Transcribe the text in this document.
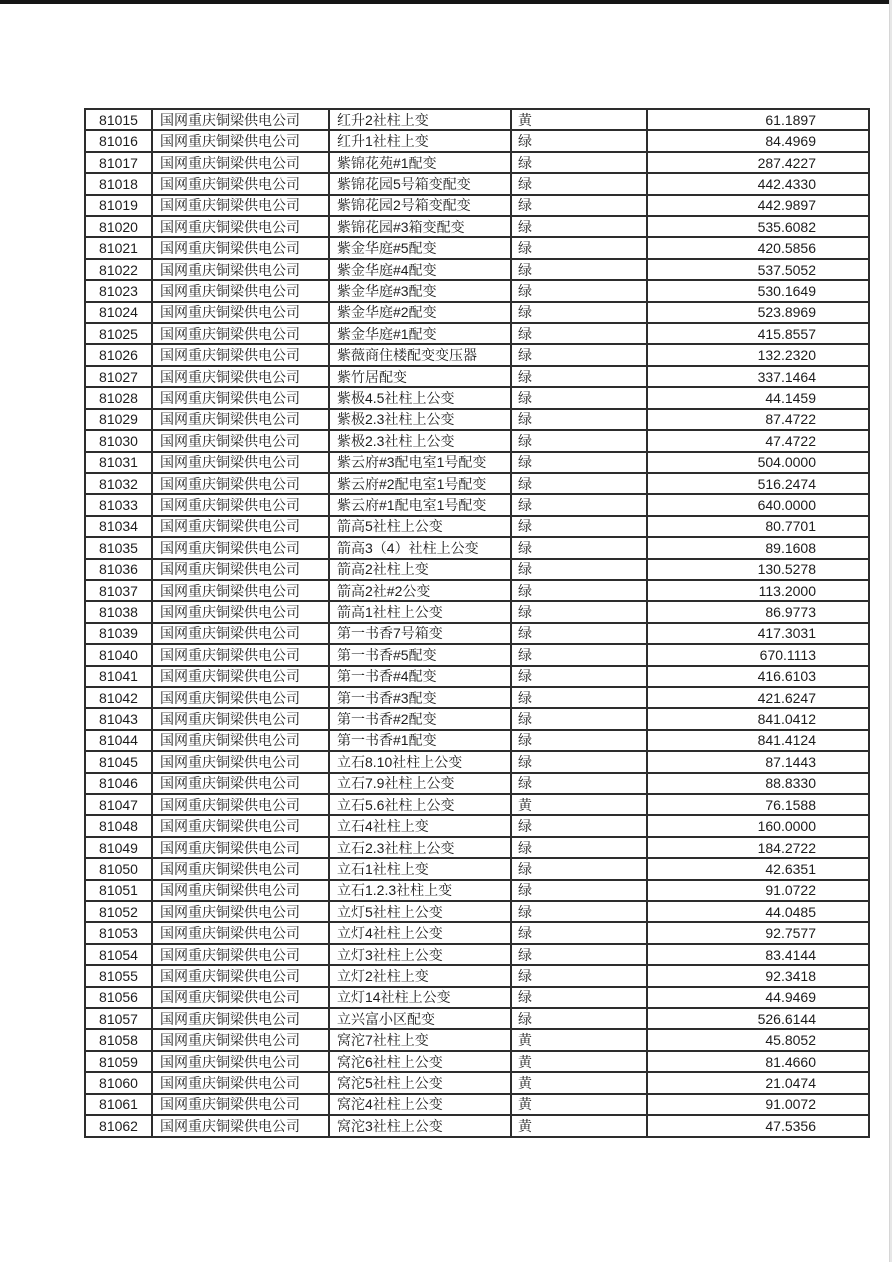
81015	国网重庆铜梁供电公司	红升2社柱上变	黄	61.1897
81016	国网重庆铜梁供电公司	红升1社柱上变	绿	84.4969
81017	国网重庆铜梁供电公司	紫锦花苑#1配变	绿	287.4227
81018	国网重庆铜梁供电公司	紫锦花园5号箱变配变	绿	442.4330
81019	国网重庆铜梁供电公司	紫锦花园2号箱变配变	绿	442.9897
81020	国网重庆铜梁供电公司	紫锦花园#3箱变配变	绿	535.6082
81021	国网重庆铜梁供电公司	紫金华庭#5配变	绿	420.5856
81022	国网重庆铜梁供电公司	紫金华庭#4配变	绿	537.5052
81023	国网重庆铜梁供电公司	紫金华庭#3配变	绿	530.1649
81024	国网重庆铜梁供电公司	紫金华庭#2配变	绿	523.8969
81025	国网重庆铜梁供电公司	紫金华庭#1配变	绿	415.8557
81026	国网重庆铜梁供电公司	紫薇商住楼配变变压器	绿	132.2320
81027	国网重庆铜梁供电公司	紫竹居配变	绿	337.1464
81028	国网重庆铜梁供电公司	紫极4.5社柱上公变	绿	44.1459
81029	国网重庆铜梁供电公司	紫极2.3社柱上公变	绿	87.4722
81030	国网重庆铜梁供电公司	紫极2.3社柱上公变	绿	47.4722
81031	国网重庆铜梁供电公司	紫云府#3配电室1号配变	绿	504.0000
81032	国网重庆铜梁供电公司	紫云府#2配电室1号配变	绿	516.2474
81033	国网重庆铜梁供电公司	紫云府#1配电室1号配变	绿	640.0000
81034	国网重庆铜梁供电公司	箭高5社柱上公变	绿	80.7701
81035	国网重庆铜梁供电公司	箭高3（4）社柱上公变	绿	89.1608
81036	国网重庆铜梁供电公司	箭高2社柱上变	绿	130.5278
81037	国网重庆铜梁供电公司	箭高2社#2公变	绿	113.2000
81038	国网重庆铜梁供电公司	箭高1社柱上公变	绿	86.9773
81039	国网重庆铜梁供电公司	第一书香7号箱变	绿	417.3031
81040	国网重庆铜梁供电公司	第一书香#5配变	绿	670.1113
81041	国网重庆铜梁供电公司	第一书香#4配变	绿	416.6103
81042	国网重庆铜梁供电公司	第一书香#3配变	绿	421.6247
81043	国网重庆铜梁供电公司	第一书香#2配变	绿	841.0412
81044	国网重庆铜梁供电公司	第一书香#1配变	绿	841.4124
81045	国网重庆铜梁供电公司	立石8.10社柱上公变	绿	87.1443
81046	国网重庆铜梁供电公司	立石7.9社柱上公变	绿	88.8330
81047	国网重庆铜梁供电公司	立石5.6社柱上公变	黄	76.1588
81048	国网重庆铜梁供电公司	立石4社柱上变	绿	160.0000
81049	国网重庆铜梁供电公司	立石2.3社柱上公变	绿	184.2722
81050	国网重庆铜梁供电公司	立石1社柱上变	绿	42.6351
81051	国网重庆铜梁供电公司	立石1.2.3社柱上变	绿	91.0722
81052	国网重庆铜梁供电公司	立灯5社柱上公变	绿	44.0485
81053	国网重庆铜梁供电公司	立灯4社柱上公变	绿	92.7577
81054	国网重庆铜梁供电公司	立灯3社柱上公变	绿	83.4144
81055	国网重庆铜梁供电公司	立灯2社柱上变	绿	92.3418
81056	国网重庆铜梁供电公司	立灯14社柱上公变	绿	44.9469
81057	国网重庆铜梁供电公司	立兴富小区配变	绿	526.6144
81058	国网重庆铜梁供电公司	窝沱7社柱上变	黄	45.8052
81059	国网重庆铜梁供电公司	窝沱6社柱上公变	黄	81.4660
81060	国网重庆铜梁供电公司	窝沱5社柱上公变	黄	21.0474
81061	国网重庆铜梁供电公司	窝沱4社柱上公变	黄	91.0072
81062	国网重庆铜梁供电公司	窝沱3社柱上公变	黄	47.5356
